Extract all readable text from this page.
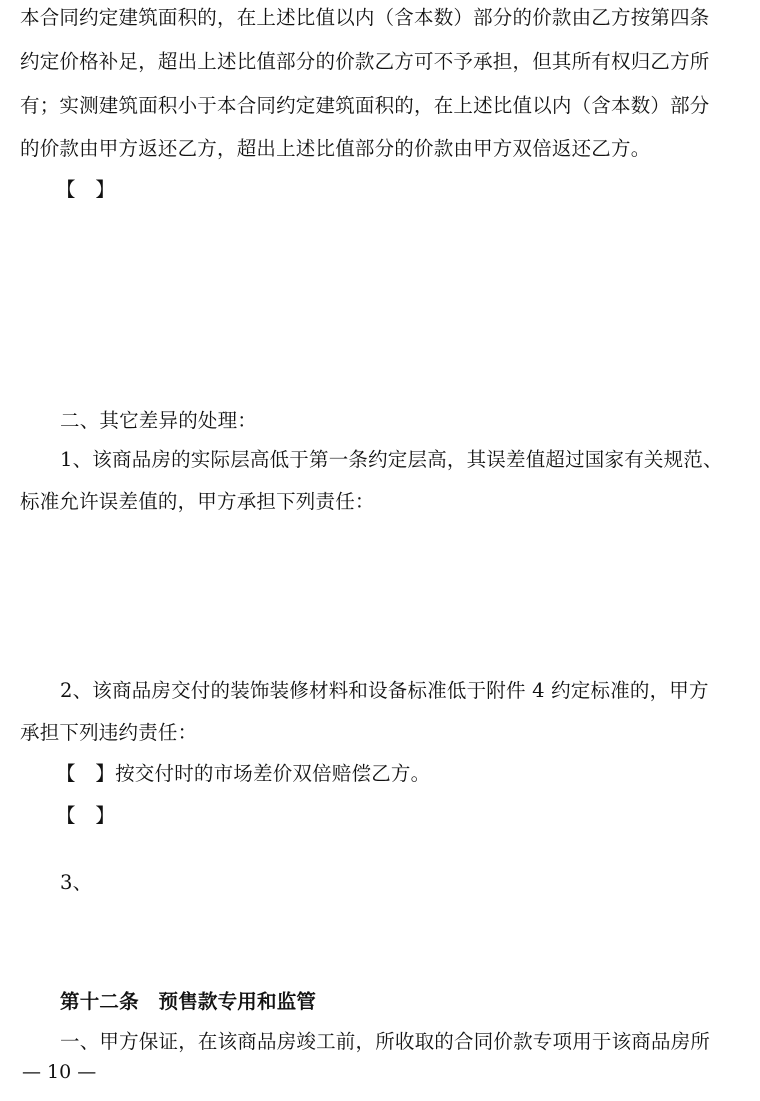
本合同约定建筑面积的，在上述比值以内（含本数）部分的价款由乙方按第四条
约定价格补足，超出上述比值部分的价款乙方可不予承担，但其所有权归乙方所
有；实测建筑面积小于本合同约定建筑面积的，在上述比值以内（含本数）部分
的价款由甲方返还乙方，超出上述比值部分的价款由甲方双倍返还乙方。
【　】
二、其它差异的处理：
1、该商品房的实际层高低于第一条约定层高，其误差值超过国家有关规范、
标准允许误差值的，甲方承担下列责任：
2、该商品房交付的装饰装修材料和设备标准低于附件 4 约定标准的，甲方
承担下列违约责任：
【　】按交付时的市场差价双倍赔偿乙方。
【　】
3、
第十二条　预售款专用和监管
一、甲方保证，在该商品房竣工前，所收取的合同价款专项用于该商品房所
— 10 —
